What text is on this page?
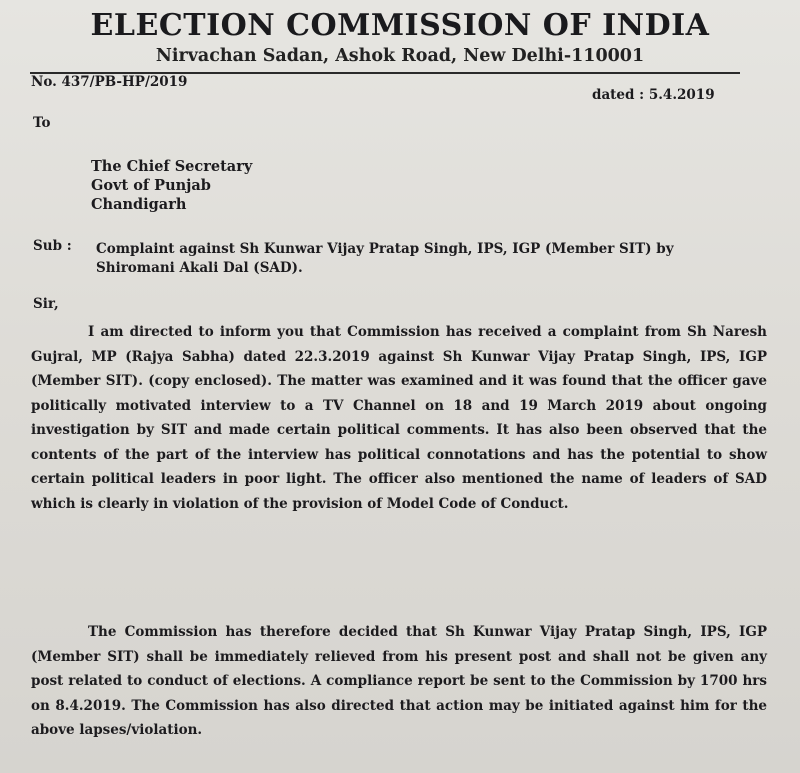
ELECTION COMMISSION OF INDIA
Nirvachan Sadan, Ashok Road, New Delhi-110001
No. 437/PB-HP/2019
dated : 5.4.2019
To
The Chief Secretary
Govt of Punjab
Chandigarh
Sub : Complaint against Sh Kunwar Vijay Pratap Singh, IPS, IGP (Member SIT) by Shiromani Akali Dal (SAD).
Sir,
I am directed to inform you that Commission has received a complaint from Sh Naresh Gujral, MP (Rajya Sabha) dated 22.3.2019 against Sh Kunwar Vijay Pratap Singh, IPS, IGP (Member SIT). (copy enclosed). The matter was examined and it was found that the officer gave politically motivated interview to a TV Channel on 18 and 19 March 2019 about ongoing investigation by SIT and made certain political comments. It has also been observed that the contents of the part of the interview has political connotations and has the potential to show certain political leaders in poor light. The officer also mentioned the name of leaders of SAD which is clearly in violation of the provision of Model Code of Conduct.
The Commission has therefore decided that Sh Kunwar Vijay Pratap Singh, IPS, IGP (Member SIT) shall be immediately relieved from his present post and shall not be given any post related to conduct of elections. A compliance report be sent to the Commission by 1700 hrs on 8.4.2019. The Commission has also directed that action may be initiated against him for the above lapses/violation.
